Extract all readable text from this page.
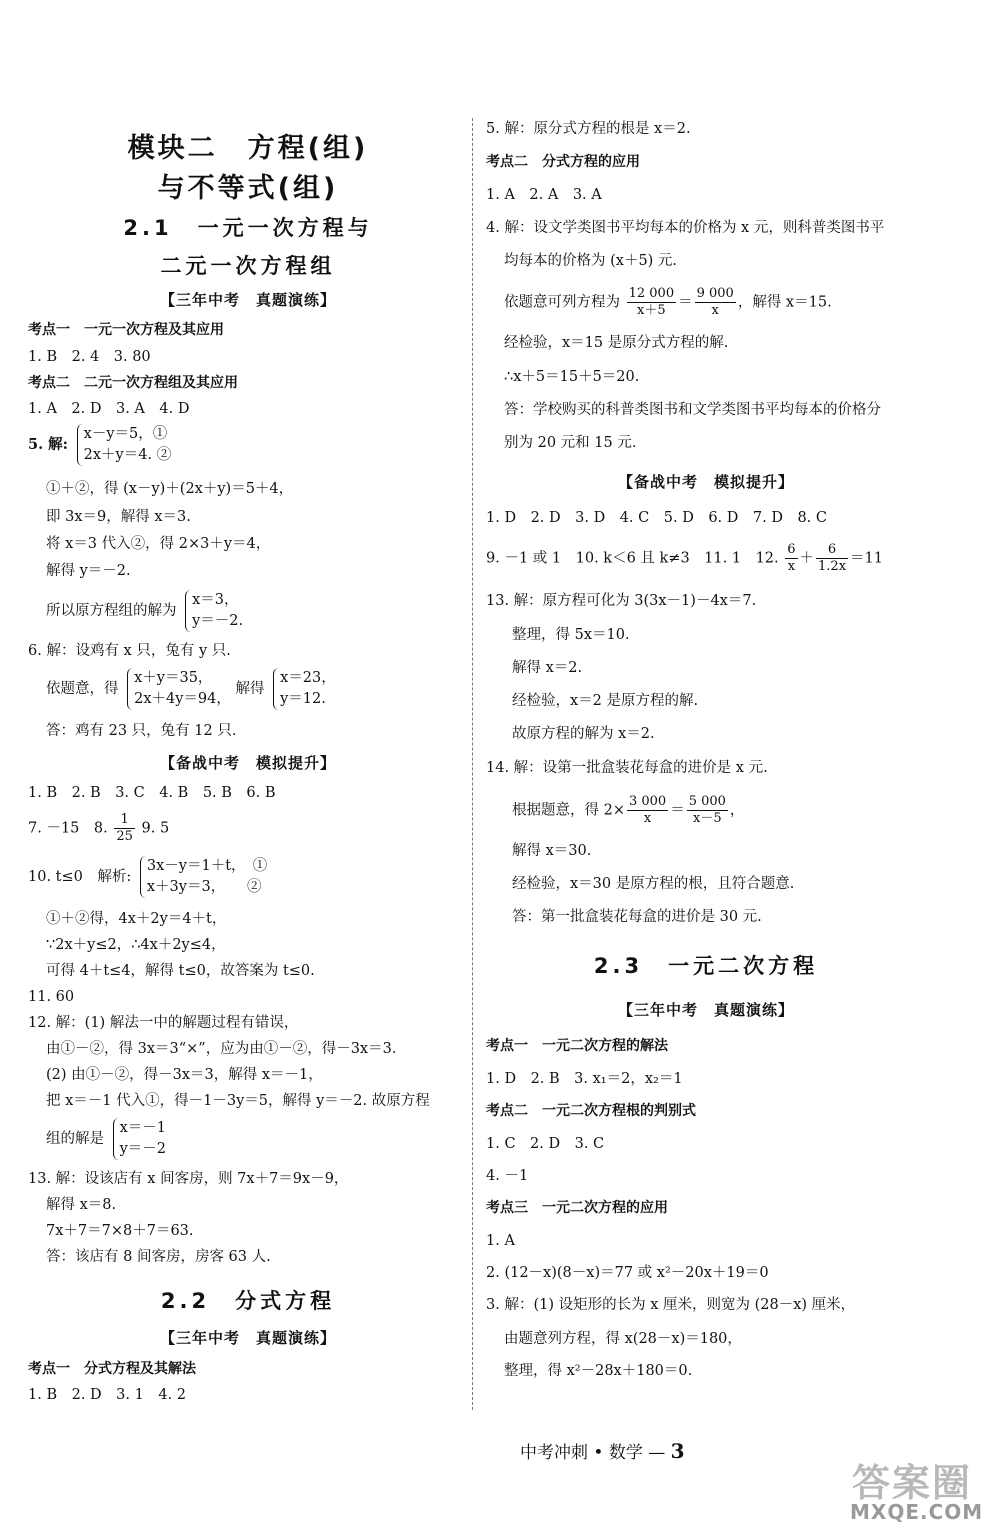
模块二　方程(组)
与不等式(组)
2.1　一元一次方程与
二元一次方程组
【三年中考　真题演练】
考点一　一元一次方程及其应用
1. B　2. 4　3. 80
考点二　二元一次方程组及其应用
1. A　2. D　3. A　4. D
5. 解:
x－y＝5，①
2x＋y＝4. ②
①＋②，得 (x－y)＋(2x＋y)＝5＋4，
即 3x＝9，解得 x＝3.
将 x＝3 代入②，得 2×3＋y＝4，
解得 y＝－2.
所以原方程组的解为
x＝3，
y＝－2.
6. 解：设鸡有 x 只，兔有 y 只.
依题意，得
x＋y＝35，
2x＋4y＝94，
解得
x＝23，
y＝12.
答：鸡有 23 只，兔有 12 只.
【备战中考　模拟提升】
1. B　2. B　3. C　4. B　5. B　6. B
7. －15　8. $\frac{1}{25} 9$. 5
10. t≤0　解析:
3x－y＝1＋t，　①
x＋3y＝3，　　②
①＋②得，4x＋2y＝4＋t，
∵2x＋y≤2，∴4x＋2y≤4，
可得 4＋t≤4，解得 t≤0，故答案为 t≤0.
11. 60
12. 解：(1) 解法一中的解题过程有错误，
由①－②，得 3x＝3“×”，应为由①－②，得－3x＝3.
(2) 由①－②，得－3x＝3，解得 x＝－1，
把 x＝－1 代入①，得－1－3y＝5，解得 y＝－2. 故原方程
组的解是
x＝－1
y＝－2
13. 解：设该店有 x 间客房，则 7x＋7＝9x－9，
解得 x＝8.
7x＋7＝7×8＋7＝63.
答：该店有 8 间客房，房客 63 人.
2.2　分式方程
【三年中考　真题演练】
考点一　分式方程及其解法
1. B　2. D　3. 1　4. 2
5. 解：原分式方程的根是 x＝2.
考点二　分式方程的应用
1. A　2. A　3. A
4. 解：设文学类图书平均每本的价格为 x 元，则科普类图书平
均每本的价格为 (x＋5) 元.
依题意可列方程为 $\frac{12 000}{x+5} = \frac{9 000}{x}$ ，解得 x＝15.
经检验，x＝15 是原分式方程的解.
∴x＋5＝15＋5＝20.
答：学校购买的科普类图书和文学类图书平均每本的价格分
别为 20 元和 15 元.
【备战中考　模拟提升】
1. D　2. D　3. D　4. C　5. D　6. D　7. D　8. C
9. －1 或 1　10. k＜6 且 k≠3　11. 1　12. $\frac{6}{x} + \frac{6}{1.2x} =11$
13. 解：原方程可化为 3(3x－1)－4x＝7.
整理，得 5x＝10.
解得 x＝2.
经检验，x＝2 是原方程的解.
故原方程的解为 x＝2.
14. 解：设第一批盒装花每盒的进价是 x 元.
根据题意，得 $2\times \frac{3 000}{x} = \frac{5 000}{x-5}$ ，
解得 x＝30.
经检验，x＝30 是原方程的根，且符合题意.
答：第一批盒装花每盒的进价是 30 元.
2.3　一元二次方程
【三年中考　真题演练】
考点一　一元二次方程的解法
1. D　2. B　3. x₁＝2，x₂＝1
考点二　一元二次方程根的判别式
1. C　2. D　3. C
4. －1
考点三　一元二次方程的应用
1. A
2. (12－x)(8－x)＝77 或 x²－20x＋19＝0
3. 解：(1) 设矩形的长为 x 厘米，则宽为 (28－x) 厘米，
由题意列方程，得 x(28－x)＝180，
整理，得 x²－28x＋180＝0.
中考冲刺 • 数学 — 3
答案圈
MXQE.COM
